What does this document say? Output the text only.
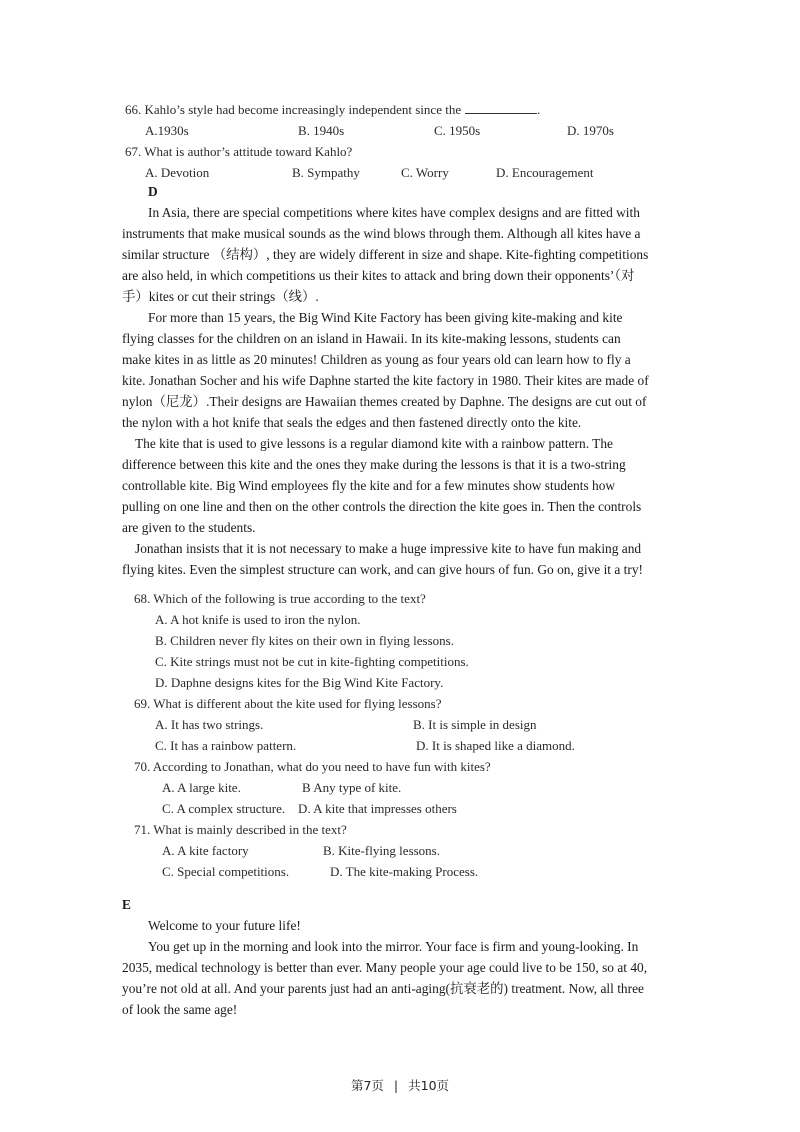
66. Kahlo’s style had become increasingly independent since the	.
A.1930s	B. 1940s	C. 1950s	D. 1970s
67. What is author’s attitude toward Kahlo?
A. Devotion	B. Sympathy	C. Worry	D. Encouragement
D
In Asia, there are special competitions where kites have complex designs and are fitted with
instruments that make musical sounds as the wind blows through them. Although all kites have a
similar structure （结构）, they are widely different in size and shape. Kite-fighting competitions
are also held, in which competitions us their kites to attack and bring down their opponents’（对
手）kites or cut their strings（线）.
For more than 15 years, the Big Wind Kite Factory has been giving kite-making and kite
flying classes for the children on an island in Hawaii. In its kite-making lessons, students can
make kites in as little as 20 minutes! Children as young as four years old can learn how to fly a
kite. Jonathan Socher and his wife Daphne started the kite factory in 1980. Their kites are made of
nylon（尼龙）.Their designs are Hawaiian themes created by Daphne. The designs are cut out of
the nylon with a hot knife that seals the edges and then fastened directly onto the kite.
The kite that is used to give lessons is a regular diamond kite with a rainbow pattern. The
difference between this kite and the ones they make during the lessons is that it is a two-string
controllable kite. Big Wind employees fly the kite and for a few minutes show students how
pulling on one line and then on the other controls the direction the kite goes in. Then the controls
are given to the students.
Jonathan insists that it is not necessary to make a huge impressive kite to have fun making and
flying kites. Even the simplest structure can work, and can give hours of fun. Go on, give it a try!
68. Which of the following is true according to the text?
A. A hot knife is used to iron the nylon.
B. Children never fly kites on their own in flying lessons.
C. Kite strings must not be cut in kite-fighting competitions.
D. Daphne designs kites for the Big Wind Kite Factory.
69. What is different about the kite used for flying lessons?
A. It has two strings.	B. It is simple in design
C. It has a rainbow pattern.	D. It is shaped like a diamond.
70. According to Jonathan, what do you need to have fun with kites?
A. A large kite.	B Any type of kite.
C. A complex structure. D. A kite that impresses others
71. What is mainly described in the text?
A. A kite factory	B. Kite-flying lessons.
C. Special competitions.	D. The kite-making Process.
E
Welcome to your future life!
You get up in the morning and look into the mirror. Your face is firm and young-looking. In
2035, medical technology is better than ever. Many people your age could live to be 150, so at 40,
you’re not old at all. And your parents just had an anti-aging(抗衰老的) treatment. Now, all three
of look the same age!
第7页 | 共10页
